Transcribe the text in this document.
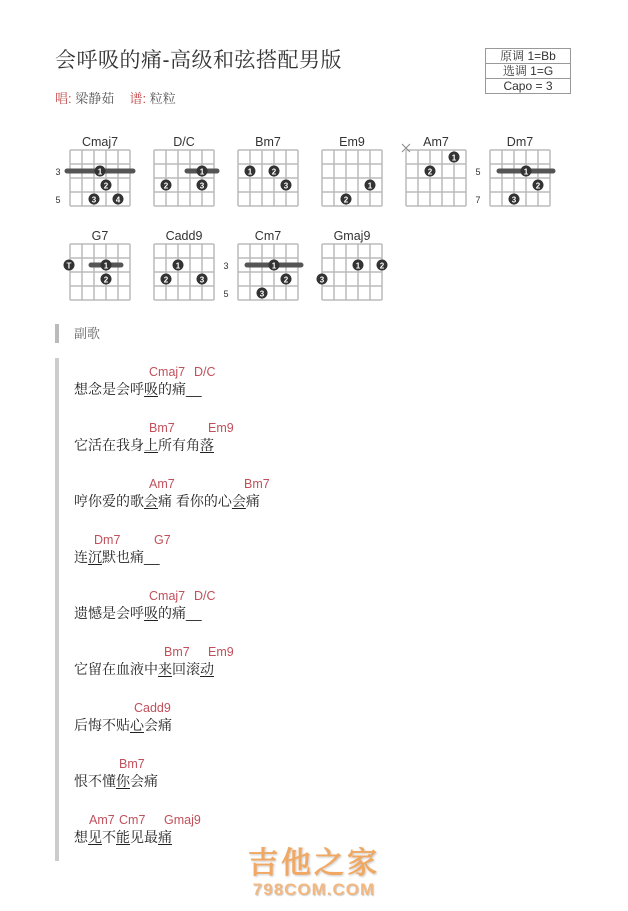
会呼吸的痛-高级和弦搭配男版
唱: 梁静茹 谱: 粒粒
原调 1=Bb
选调 1=G
Capo = 3
Cmaj7
3
5
1
2
3 4
D/C
1
2	3
Bm7
1 2
3
Em9
1
2
Am7
1
2
Dm7
5
7
1
2
3
G7
1
2
T
Cadd9
1
2	3
Cm7
3
5
1
2
3
Gmaj9
1 2
3
副歌
Cmaj7 D/C
想念是会呼吸的痛__
Bm7	Em9
它活在我身上所有角落
Am7	Bm7
哼你爱的歌会痛 看你的心会痛
Dm7	G7
连沉默也痛__
Cmaj7 D/C
遗憾是会呼吸的痛__
Bm7 Em9
它留在血液中来回滚动
Cadd9
后悔不贴心会痛
Bm7
恨不懂你会痛
Am7 Cm7 Gmaj9
想见不能见最痛
吉他之家
798COM.COM
